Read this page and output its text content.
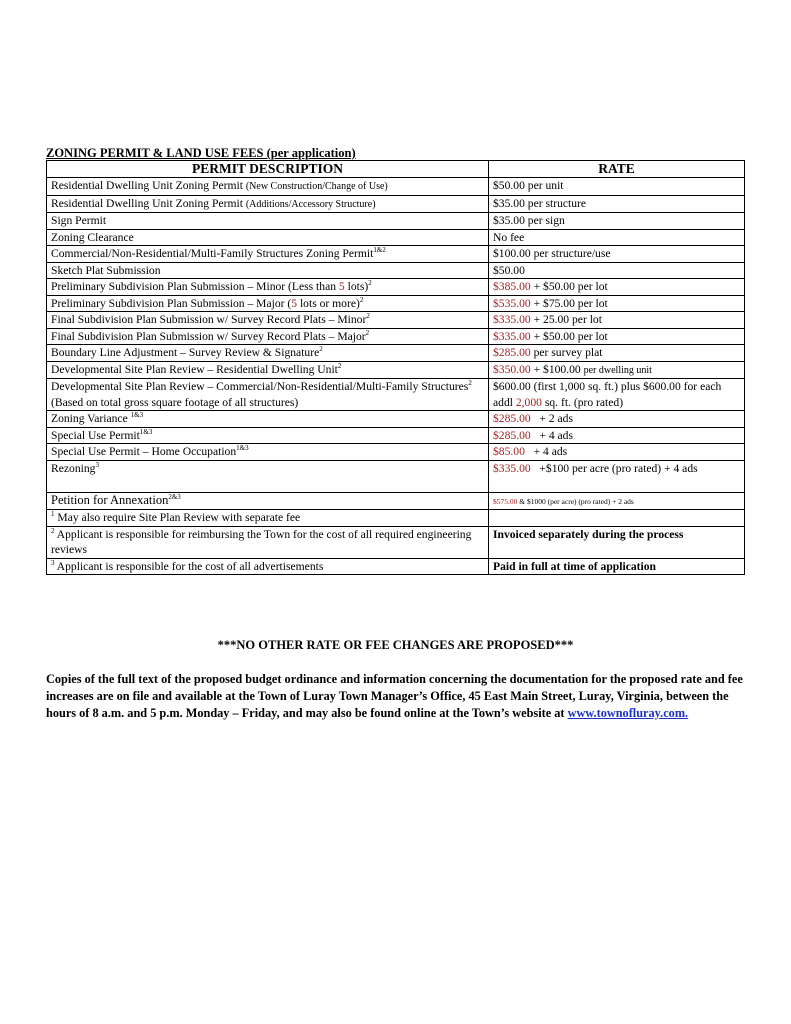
ZONING PERMIT & LAND USE FEES (per application)
PERMIT DESCRIPTION	RATE
Residential Dwelling Unit Zoning Permit (New Construction/Change of Use)	$50.00 per unit
Residential Dwelling Unit Zoning Permit (Additions/Accessory Structure)	$35.00 per structure
Sign Permit	$35.00 per sign
Zoning Clearance	No fee
Commercial/Non-Residential/Multi-Family Structures Zoning Permit$^{1\&2}$	$100.00 per structure/use
Sketch Plat Submission	$50.00
Preliminary Subdivision Plan Submission – Minor (Less than 5 lots)$^2$	$385.00 + $50.00 per lot
Preliminary Subdivision Plan Submission – Major (5 lots or more)$^2$	$535.00 + $75.00 per lot
Final Subdivision Plan Submission w/ Survey Record Plats – Minor$^2$	$335.00 + 25.00 per lot
Final Subdivision Plan Submission w/ Survey Record Plats – Major$^2$	$335.00 + $50.00 per lot
Boundary Line Adjustment – Survey Review & Signature$^2$	$285.00 per survey plat
Developmental Site Plan Review – Residential Dwelling Unit$^2$	$350.00 + $100.00 per dwelling unit
Developmental Site Plan Review – Commercial/Non-Residential/Multi-Family Structures$^2$ (Based on total gross square footage of all structures)	$600.00 (first 1,000 sq. ft.) plus $600.00 for each addl 2,000 sq. ft. (pro rated)
Zoning Variance $^{1\&3}$	$285.00   + 2 ads
Special Use Permit$^{1\&3}$	$285.00   + 4 ads
Special Use Permit – Home Occupation$^{1\&3}$	$85.00   + 4 ads
Rezoning$^3$	$335.00   +$100 per acre (pro rated) + 4 ads
Petition for Annexation$^{2\&3}$	$575.00 & $1000 (per acre) (pro rated) + 2 ads
$^1$ May also require Site Plan Review with separate fee	
$^2$ Applicant is responsible for reimbursing the Town for the cost of all required engineering reviews	Invoiced separately during the process
$^3$ Applicant is responsible for the cost of all advertisements	Paid in full at time of application
***NO OTHER RATE OR FEE CHANGES ARE PROPOSED***
Copies of the full text of the proposed budget ordinance and information concerning the documentation for the proposed rate and fee increases are on file and available at the Town of Luray Town Manager’s Office, 45 East Main Street, Luray, Virginia, between the hours of 8 a.m. and 5 p.m. Monday – Friday, and may also be found online at the Town’s website at www.townofluray.com.
